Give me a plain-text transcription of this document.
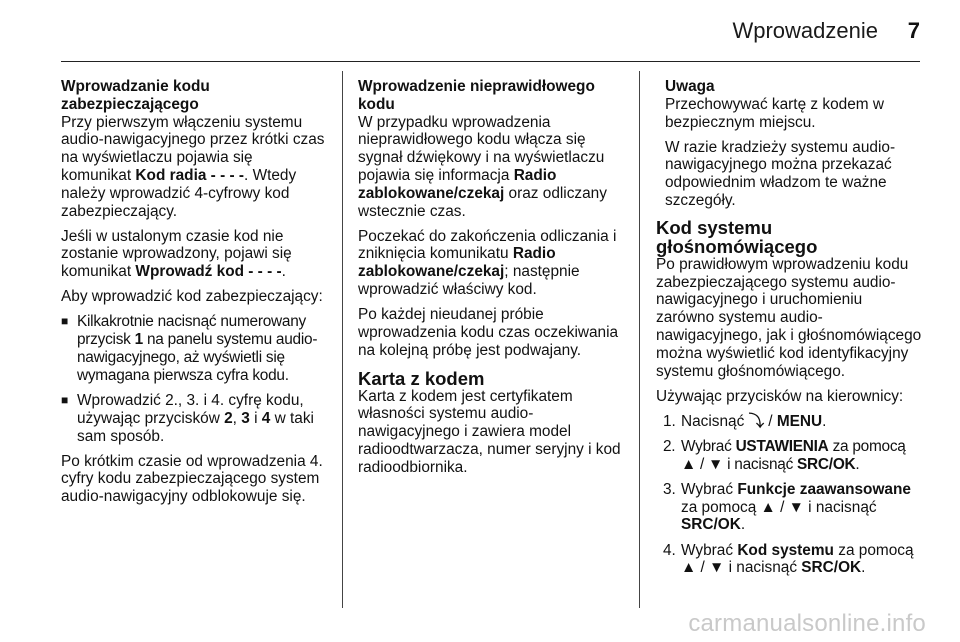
Wprowadzenie 7
Wprowadzanie kodu zabezpieczającego

Przy pierwszym włączeniu systemu audio-nawigacyjnego przez krótki czas na wyświetlaczu pojawia się komunikat Kod radia - - - -. Wtedy należy wprowadzić 4-cyfrowy kod zabezpieczający.

Jeśli w ustalonym czasie kod nie zostanie wprowadzony, pojawi się komunikat Wprowadź kod - - - -.

Aby wprowadzić kod zabezpieczający:

■ Kilkakrotnie nacisnąć numerowany przycisk 1 na panelu systemu audio-nawigacyjnego, aż wyświetli się wymagana pierwsza cyfra kodu.
■ Wprowadzić 2., 3. i 4. cyfrę kodu, używając przycisków 2, 3 i 4 w taki sam sposób.

Po krótkim czasie od wprowadzenia 4. cyfry kodu zabezpieczającego system audio-nawigacyjny odblokowuje się.

Wprowadzenie nieprawidłowego kodu

W przypadku wprowadzenia nieprawidłowego kodu włącza się sygnał dźwiękowy i na wyświetlaczu pojawia się informacja Radio zablokowane/czekaj oraz odliczany wstecznie czas.

Poczekać do zakończenia odliczania i zniknięcia komunikatu Radio zablokowane/czekaj; następnie wprowadzić właściwy kod.

Po każdej nieudanej próbie wprowadzenia kodu czas oczekiwania na kolejną próbę jest podwajany.

Karta z kodem

Karta z kodem jest certyfikatem własności systemu audio-nawigacyjnego i zawiera model radioodtwarzacza, numer seryjny i kod radioodbiornika.

Uwaga

Przechowywać kartę z kodem w bezpiecznym miejscu.

W razie kradzieży systemu audio-nawigacyjnego można przekazać odpowiednim władzom te ważne szczegóły.

Kod systemu głośnomówiącego

Po prawidłowym wprowadzeniu kodu zabezpieczającego systemu audio-nawigacyjnego i uruchomieniu zarówno systemu audio-nawigacyjnego, jak i głośnomówiącego można wyświetlić kod identyfikacyjny systemu głośnomówiącego.

Używając przycisków na kierownicy:

1. Nacisnąć ⤵ / MENU.
2. Wybrać USTAWIENIA za pomocą ▲ / ▼ i nacisnąć SRC/OK.
3. Wybrać Funkcje zaawansowane za pomocą ▲ / ▼ i nacisnąć SRC/OK.
4. Wybrać Kod systemu za pomocą ▲ / ▼ i nacisnąć SRC/OK.
carmanualsonline.info
